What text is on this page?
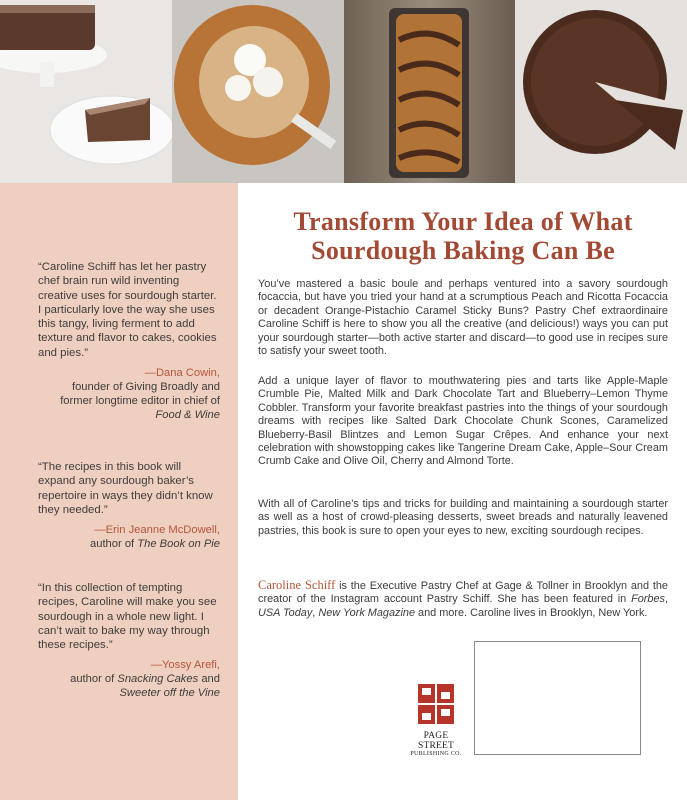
“Caroline Schiff has let her pastry chef brain run wild inventing creative uses for sourdough starter. I particularly love the way she uses this tangy, living ferment to add texture and flavor to cakes, cookies and pies.”

—Dana Cowin,
founder of Giving Broadly and former longtime editor in chief of Food & Wine

“The recipes in this book will expand any sourdough baker’s repertoire in ways they didn’t know they needed.”

—Erin Jeanne McDowell,
author of The Book on Pie

“In this collection of tempting recipes, Caroline will make you see sourdough in a whole new light. I can’t wait to bake my way through these recipes.”

—Yossy Arefi,
author of Snacking Cakes and
Sweeter off the Vine
Transform Your Idea of What Sourdough Baking Can Be

You’ve mastered a basic boule and perhaps ventured into a savory sourdough focaccia, but have you tried your hand at a scrumptious Peach and Ricotta Focaccia or decadent Orange-Pistachio Caramel Sticky Buns? Pastry Chef extraordinaire Caroline Schiff is here to show you all the creative (and delicious!) ways you can put your sourdough starter—both active starter and discard—to good use in recipes sure to satisfy your sweet tooth.

Add a unique layer of flavor to mouthwatering pies and tarts like Apple-Maple Crumble Pie, Malted Milk and Dark Chocolate Tart and Blueberry–Lemon Thyme Cobbler. Transform your favorite breakfast pastries into the things of your sourdough dreams with recipes like Salted Dark Chocolate Chunk Scones, Caramelized Blueberry-Basil Blintzes and Lemon Sugar Crêpes. And enhance your next celebration with showstopping cakes like Tangerine Dream Cake, Apple–Sour Cream Crumb Cake and Olive Oil, Cherry and Almond Torte.

With all of Caroline’s tips and tricks for building and maintaining a sourdough starter as well as a host of crowd-pleasing desserts, sweet breads and naturally leavened pastries, this book is sure to open your eyes to new, exciting sourdough recipes.

Caroline Schiff is the Executive Pastry Chef at Gage & Tollner in Brooklyn and the creator of the Instagram account Pastry Schiff. She has been featured in Forbes, USA Today, New York Magazine and more. Caroline lives in Brooklyn, New York.

PAGE STREET
PUBLISHING CO.
